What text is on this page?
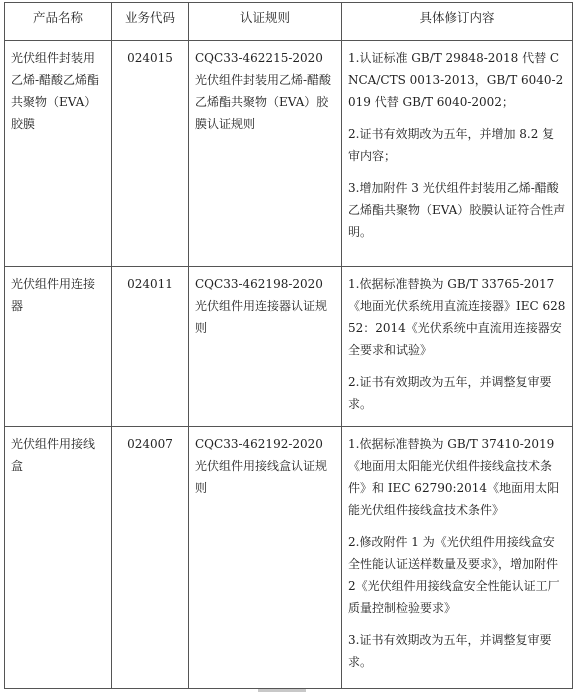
产品名称	业务代码	认证规则	具体修订内容
光伏组件封装用乙烯-醋酸乙烯酯共聚物（EVA）胶膜	024015	CQC33-462215-2020 光伏组件封装用乙烯-醋酸乙烯酯共聚物（EVA）胶膜认证规则	1.认证标准 GB/T 29848-2018 代替 CNCA/CTS 0013-2013，GB/T 6040-2019 代替 GB/T 6040-2002；

2.证书有效期改为五年，并增加 8.2 复审内容；

3.增加附件 3 光伏组件封装用乙烯-醋酸乙烯酯共聚物（EVA）胶膜认证符合性声明。

光伏组件用连接器	024011	CQC33-462198-2020 光伏组件用连接器认证规则	1.依据标准替换为 GB/T 33765-2017《地面光伏系统用直流连接器》IEC 62852：2014《光伏系统中直流用连接器安全要求和试验》

2.证书有效期改为五年，并调整复审要求。

光伏组件用接线盒	024007	CQC33-462192-2020 光伏组件用接线盒认证规则	1.依据标准替换为 GB/T 37410-2019《地面用太阳能光伏组件接线盒技术条件》和 IEC 62790:2014《地面用太阳能光伏组件接线盒技术条件》

2.修改附件 1 为《光伏组件用接线盒安全性能认证送样数量及要求》，增加附件 2《光伏组件用接线盒安全性能认证工厂质量控制检验要求》

3.证书有效期改为五年，并调整复审要求。
